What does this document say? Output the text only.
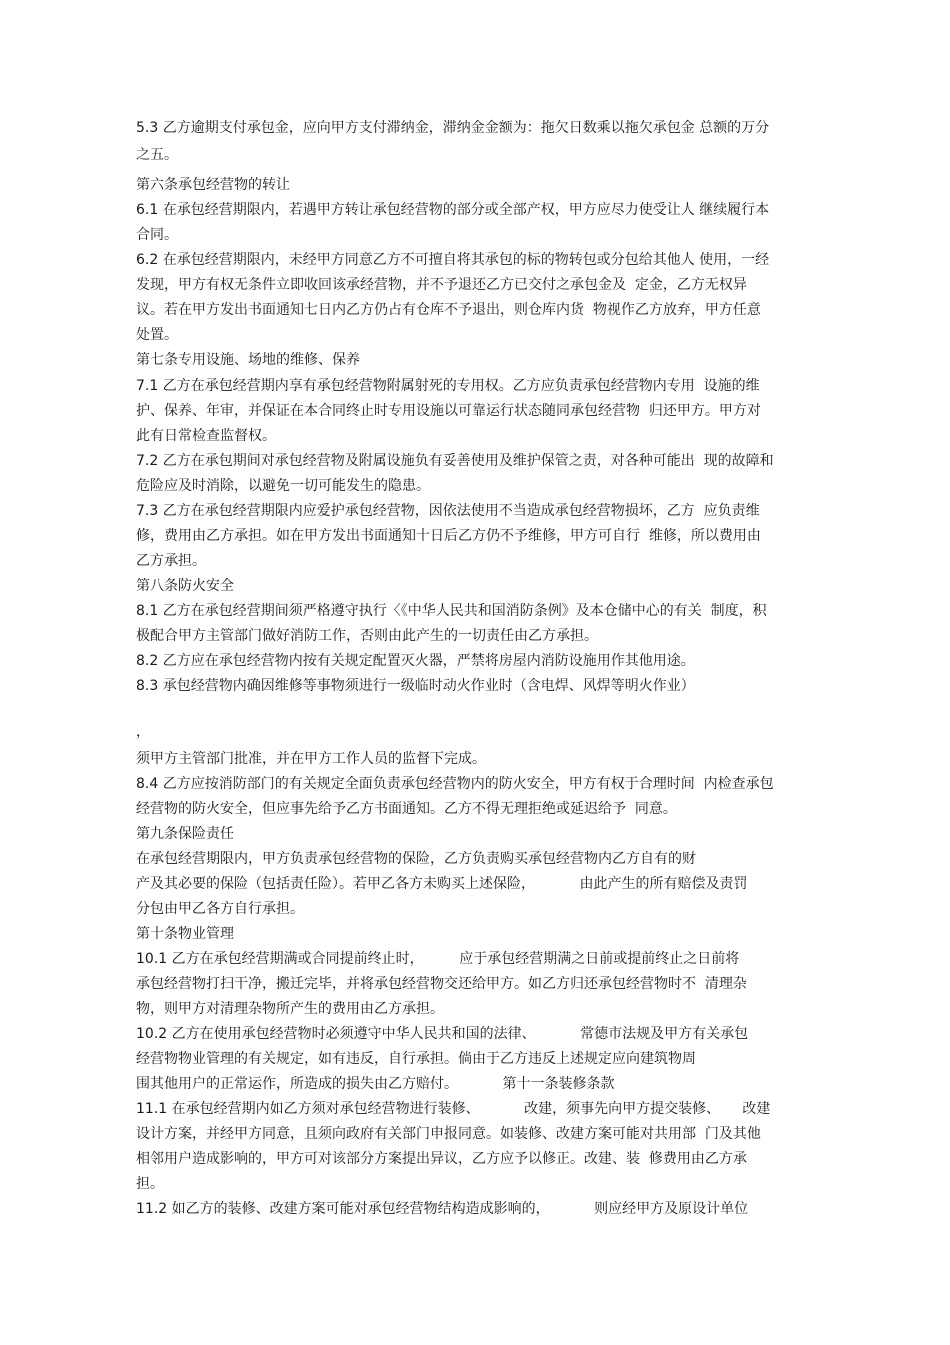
5.3 乙方逾期支付承包金，应向甲方支付滞纳金，滞纳金金额为：拖欠日数乘以拖欠承包金 总额的万分
之五。
第六条承包经营物的转让
6.1 在承包经营期限内，若遇甲方转让承包经营物的部分或全部产权，甲方应尽力使受让人 继续履行本
合同。
6.2 在承包经营期限内，未经甲方同意乙方不可擅自将其承包的标的物转包或分包给其他人 使用，一经
发现，甲方有权无条件立即收回该承经营物，并不予退还乙方已交付之承包金及  定金，乙方无权异
议。若在甲方发出书面通知七日内乙方仍占有仓库不予退出，则仓库内货  物视作乙方放弃，甲方任意
处置。
第七条专用设施、场地的维修、保养
7.1 乙方在承包经营期内享有承包经营物附属射死的专用权。乙方应负责承包经营物内专用  设施的维
护、保养、年审，并保证在本合同终止时专用设施以可靠运行状态随同承包经营物  归还甲方。甲方对
此有日常检查监督权。
7.2 乙方在承包期间对承包经营物及附属设施负有妥善使用及维护保管之责，对各种可能出  现的故障和
危险应及时消除，以避免一切可能发生的隐患。
7.3 乙方在承包经营期限内应爱护承包经营物，因依法使用不当造成承包经营物损坏，乙方  应负责维
修，费用由乙方承担。如在甲方发出书面通知十日后乙方仍不予维修，甲方可自行  维修，所以费用由
乙方承担。
第八条防火安全
8.1 乙方在承包经营期间须严格遵守执行〈《中华人民共和国消防条例》及本仓储中心的有关  制度，积
极配合甲方主管部门做好消防工作，否则由此产生的一切责任由乙方承担。
8.2 乙方应在承包经营物内按有关规定配置灭火器，严禁将房屋内消防设施用作其他用途。
8.3 承包经营物内确因维修等事物须进行一级临时动火作业时（含电焊、风焊等明火作业）
，
须甲方主管部门批准，并在甲方工作人员的监督下完成。
8.4 乙方应按消防部门的有关规定全面负责承包经营物内的防火安全，甲方有权于合理时间  内检查承包
经营物的防火安全，但应事先给予乙方书面通知。乙方不得无理拒绝或延迟给予  同意。
第九条保险责任
在承包经营期限内，甲方负责承包经营物的保险，乙方负责购买承包经营物内乙方自有的财
产及其必要的保险（包括责任险）。若甲乙各方未购买上述保险，          由此产生的所有赔偿及责罚
分包由甲乙各方自行承担。
第十条物业管理
10.1 乙方在承包经营期满或合同提前终止时，        应于承包经营期满之日前或提前终止之日前将
承包经营物打扫干净，搬迁完毕，并将承包经营物交还给甲方。如乙方归还承包经营物时不  清理杂
物，则甲方对清理杂物所产生的费用由乙方承担。
10.2 乙方在使用承包经营物时必须遵守中华人民共和国的法律、          常德市法规及甲方有关承包
经营物物业管理的有关规定，如有违反，自行承担。倘由于乙方违反上述规定应向建筑物周
围其他用户的正常运作，所造成的损失由乙方赔付。          第十一条装修条款
11.1 在承包经营期内如乙方须对承包经营物进行装修、          改建，须事先向甲方提交装修、     改建
设计方案，并经甲方同意，且须向政府有关部门申报同意。如装修、改建方案可能对共用部  门及其他
相邻用户造成影响的，甲方可对该部分方案提出异议，乙方应予以修正。改建、装  修费用由乙方承
担。
11.2 如乙方的装修、改建方案可能对承包经营物结构造成影响的，          则应经甲方及原设计单位
